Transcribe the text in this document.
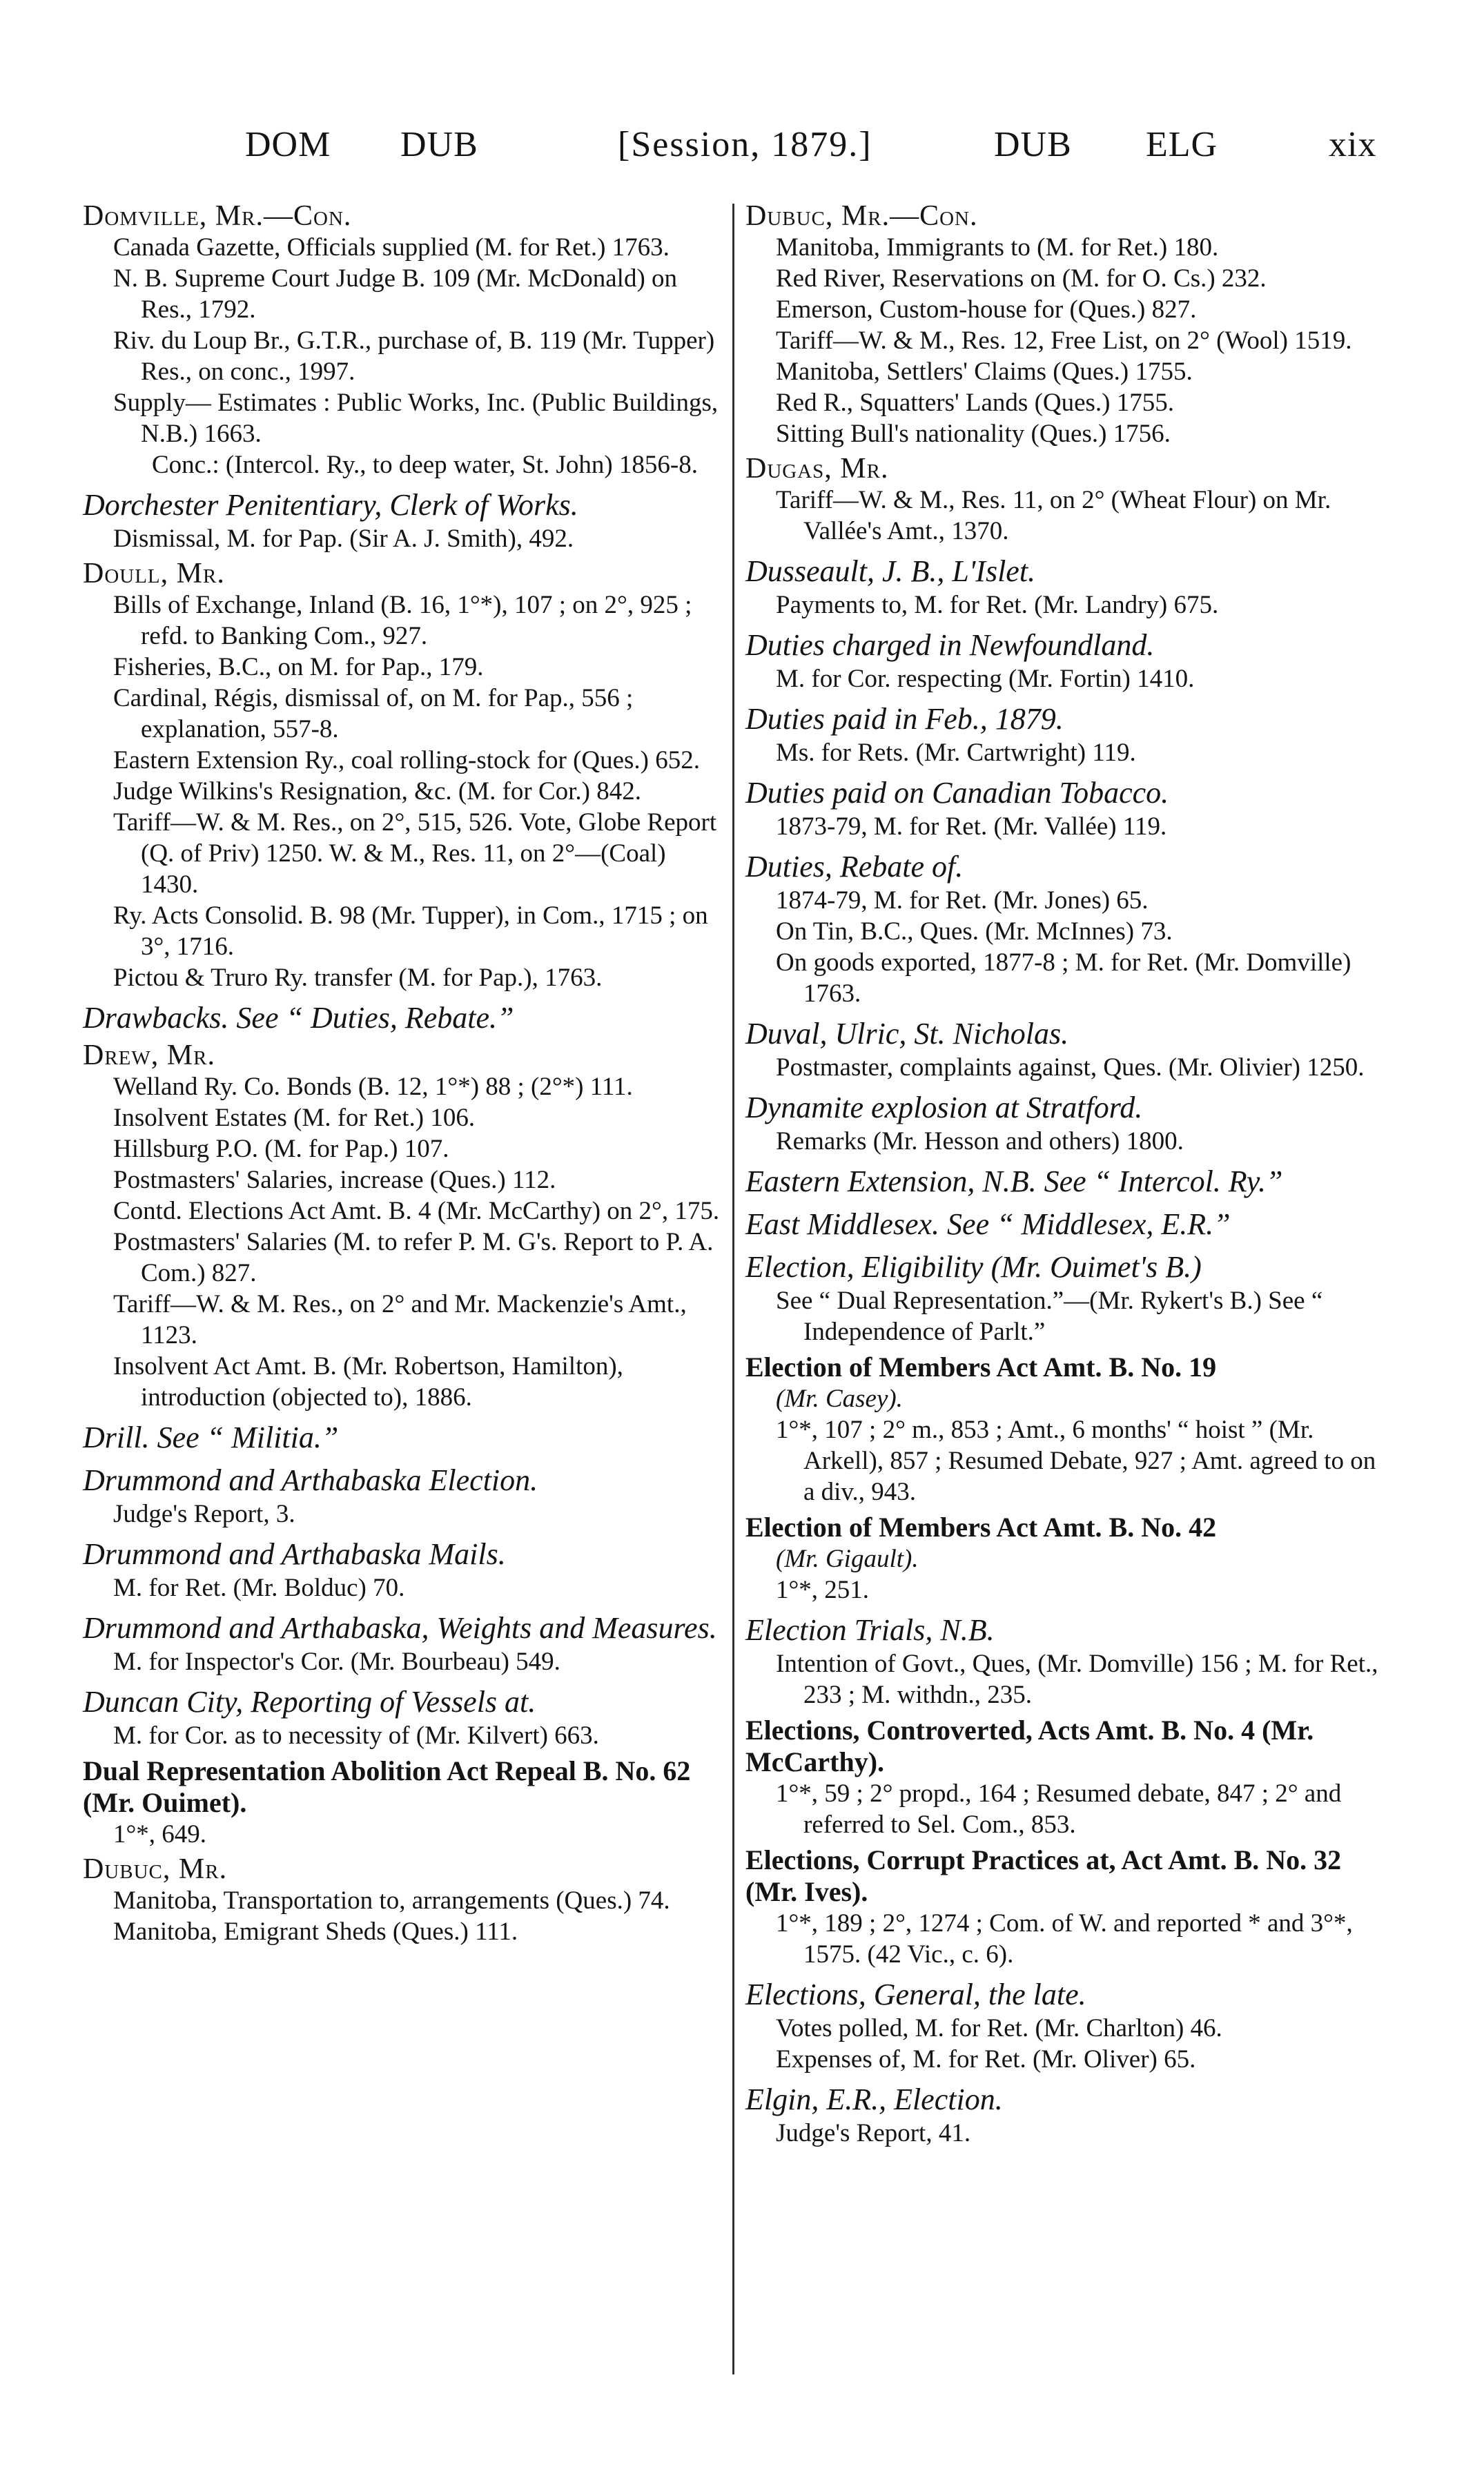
DOM DUB	[Session, 1879.]	DUB ELG	xix
Domville, Mr.—Con.
Canada Gazette, Officials supplied (M. for Ret.) 1763.
N. B. Supreme Court Judge B. 109 (Mr. McDonald) on Res., 1792.
Riv. du Loup Br., G.T.R., purchase of, B. 119 (Mr. Tupper) Res., on conc., 1997.
Supply— Estimates : Public Works, Inc. (Public Buildings, N.B.) 1663.
Conc.: (Intercol. Ry., to deep water, St. John) 1856-8.
Dorchester Penitentiary, Clerk of Works.
Dismissal, M. for Pap. (Sir A. J. Smith), 492.
Doull, Mr.
Bills of Exchange, Inland (B. 16, 1°*), 107 ; on 2°, 925 ; refd. to Banking Com., 927.
Fisheries, B.C., on M. for Pap., 179.
Cardinal, Régis, dismissal of, on M. for Pap., 556 ; explanation, 557-8.
Eastern Extension Ry., coal rolling-stock for (Ques.) 652.
Judge Wilkins's Resignation, &c. (M. for Cor.) 842.
Tariff—W. & M. Res., on 2°, 515, 526. Vote, Globe Report (Q. of Priv) 1250. W. & M., Res. 11, on 2°—(Coal) 1430.
Ry. Acts Consolid. B. 98 (Mr. Tupper), in Com., 1715 ; on 3°, 1716.
Pictou & Truro Ry. transfer (M. for Pap.), 1763.
Drawbacks. See “ Duties, Rebate.”
Drew, Mr.
Welland Ry. Co. Bonds (B. 12, 1°*) 88 ; (2°*) 111.
Insolvent Estates (M. for Ret.) 106.
Hillsburg P.O. (M. for Pap.) 107.
Postmasters' Salaries, increase (Ques.) 112.
Contd. Elections Act Amt. B. 4 (Mr. McCarthy) on 2°, 175.
Postmasters' Salaries (M. to refer P. M. G's. Report to P. A. Com.) 827.
Tariff—W. & M. Res., on 2° and Mr. Mackenzie's Amt., 1123.
Insolvent Act Amt. B. (Mr. Robertson, Hamilton), introduction (objected to), 1886.
Drill. See “ Militia.”
Drummond and Arthabaska Election.
Judge's Report, 3.
Drummond and Arthabaska Mails.
M. for Ret. (Mr. Bolduc) 70.
Drummond and Arthabaska, Weights and Measures.
M. for Inspector's Cor. (Mr. Bourbeau) 549.
Duncan City, Reporting of Vessels at.
M. for Cor. as to necessity of (Mr. Kilvert) 663.
Dual Representation Abolition Act Repeal B. No. 62 (Mr. Ouimet).
1°*, 649.
Dubuc, Mr.
Manitoba, Transportation to, arrangements (Ques.) 74.
Manitoba, Emigrant Sheds (Ques.) 111.
Dubuc, Mr.—Con.
Manitoba, Immigrants to (M. for Ret.) 180.
Red River, Reservations on (M. for O. Cs.) 232.
Emerson, Custom-house for (Ques.) 827.
Tariff—W. & M., Res. 12, Free List, on 2° (Wool) 1519.
Manitoba, Settlers' Claims (Ques.) 1755.
Red R., Squatters' Lands (Ques.) 1755.
Sitting Bull's nationality (Ques.) 1756.
Dugas, Mr.
Tariff—W. & M., Res. 11, on 2° (Wheat Flour) on Mr. Vallée's Amt., 1370.
Dusseault, J. B., L'Islet.
Payments to, M. for Ret. (Mr. Landry) 675.
Duties charged in Newfoundland.
M. for Cor. respecting (Mr. Fortin) 1410.
Duties paid in Feb., 1879.
Ms. for Rets. (Mr. Cartwright) 119.
Duties paid on Canadian Tobacco.
1873-79, M. for Ret. (Mr. Vallée) 119.
Duties, Rebate of.
1874-79, M. for Ret. (Mr. Jones) 65.
On Tin, B.C., Ques. (Mr. McInnes) 73.
On goods exported, 1877-8 ; M. for Ret. (Mr. Domville) 1763.
Duval, Ulric, St. Nicholas.
Postmaster, complaints against, Ques. (Mr. Olivier) 1250.
Dynamite explosion at Stratford.
Remarks (Mr. Hesson and others) 1800.
Eastern Extension, N.B. See “ Intercol. Ry.”
East Middlesex. See “ Middlesex, E.R.”
Election, Eligibility (Mr. Ouimet's B.)
See “ Dual Representation.”—(Mr. Rykert's B.) See “ Independence of Parlt.”
Election of Members Act Amt. B. No. 19
(Mr. Casey).
1°*, 107 ; 2° m., 853 ; Amt., 6 months' “ hoist ” (Mr. Arkell), 857 ; Resumed Debate, 927 ; Amt. agreed to on a div., 943.
Election of Members Act Amt. B. No. 42
(Mr. Gigault).
1°*, 251.
Election Trials, N.B.
Intention of Govt., Ques, (Mr. Domville) 156 ; M. for Ret., 233 ; M. withdn., 235.
Elections, Controverted, Acts Amt. B. No. 4 (Mr. McCarthy).
1°*, 59 ; 2° propd., 164 ; Resumed debate, 847 ; 2° and referred to Sel. Com., 853.
Elections, Corrupt Practices at, Act Amt. B. No. 32 (Mr. Ives).
1°*, 189 ; 2°, 1274 ; Com. of W. and reported * and 3°*, 1575. (42 Vic., c. 6).
Elections, General, the late.
Votes polled, M. for Ret. (Mr. Charlton) 46.
Expenses of, M. for Ret. (Mr. Oliver) 65.
Elgin, E.R., Election.
Judge's Report, 41.
